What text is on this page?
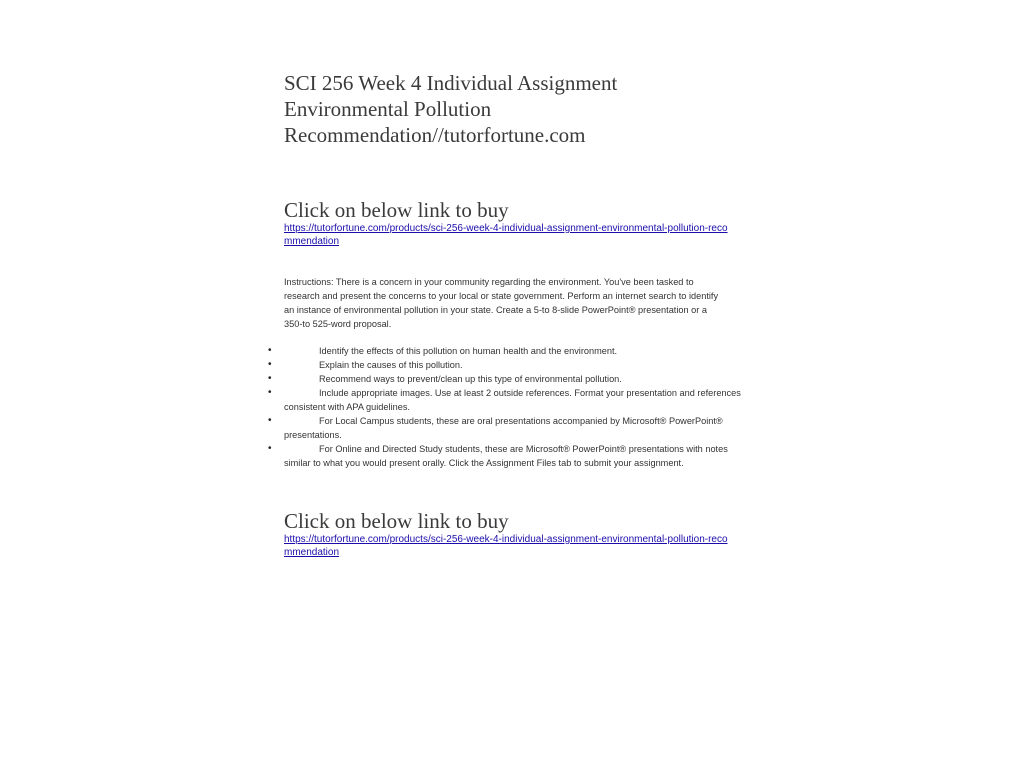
SCI 256 Week 4 Individual Assignment
Environmental Pollution
Recommendation//tutorfortune.com
Click on below link to buy
https://tutorfortune.com/products/sci-256-week-4-individual-assignment-environmental-pollution-recommendation

Instructions: There is a concern in your community regarding the environment. You've been tasked to research and present the concerns to your local or state government. Perform an internet search to identify an instance of environmental pollution in your state. Create a 5-to 8-slide PowerPoint® presentation or a 350-to 525-word proposal.

•	Identify the effects of this pollution on human health and the environment.
•	Explain the causes of this pollution.
•	Recommend ways to prevent/clean up this type of environmental pollution.
•	Include appropriate images. Use at least 2 outside references. Format your presentation and references consistent with APA guidelines.
•	For Local Campus students, these are oral presentations accompanied by Microsoft® PowerPoint® presentations.
•	For Online and Directed Study students, these are Microsoft® PowerPoint® presentations with notes similar to what you would present orally. Click the Assignment Files tab to submit your assignment.
Click on below link to buy
https://tutorfortune.com/products/sci-256-week-4-individual-assignment-environmental-pollution-recommendation
